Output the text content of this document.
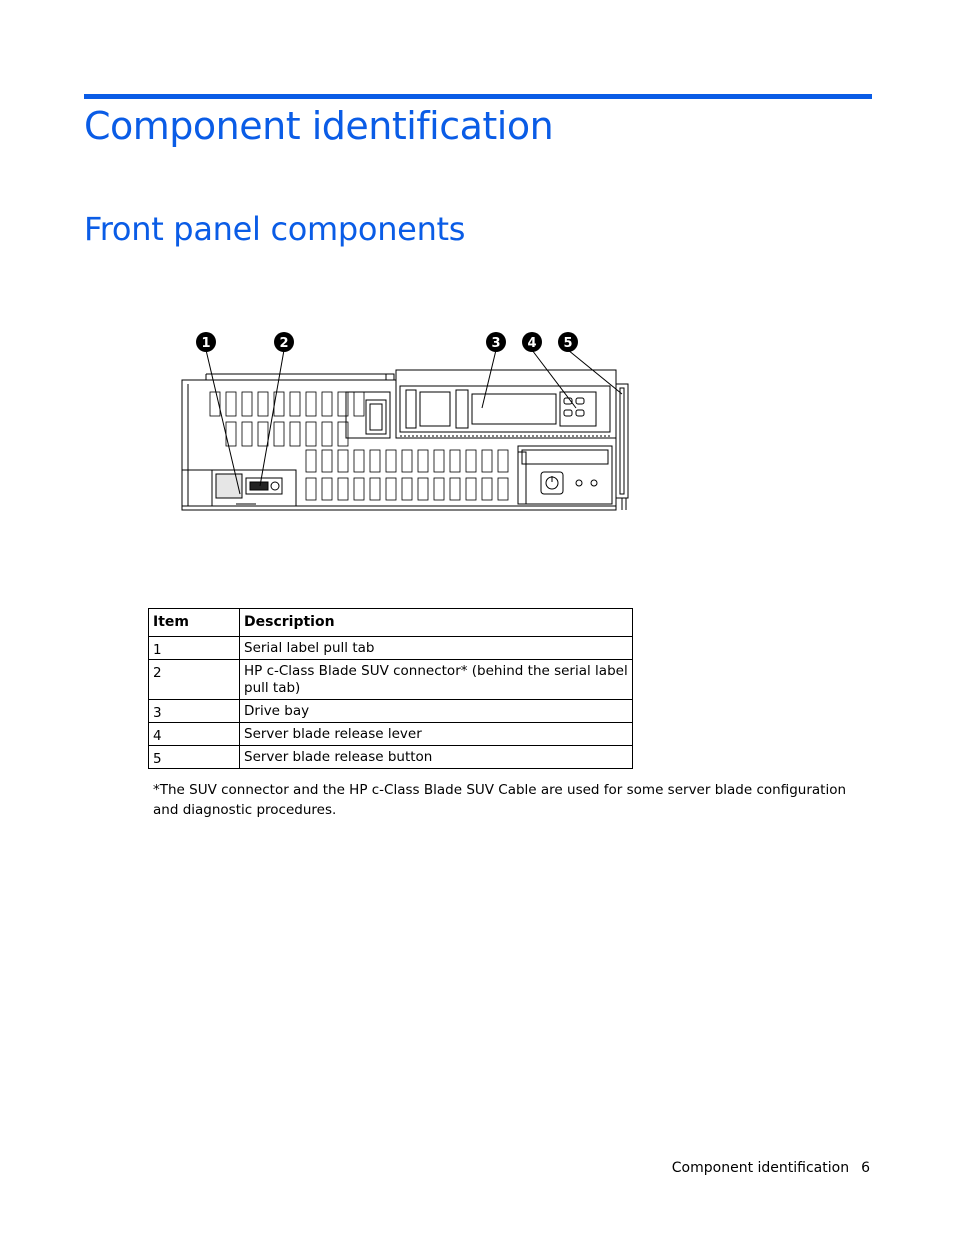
Component identification
Front panel components
1	2	3 4 5
Item	Description
1	Serial label pull tab
2	HP c-Class Blade SUV connector* (behind the serial label pull tab)
3	Drive bay
4	Server blade release lever
5	Server blade release button

*The SUV connector and the HP c-Class Blade SUV Cable are used for some server blade configuration and diagnostic procedures.

Component identification 6
